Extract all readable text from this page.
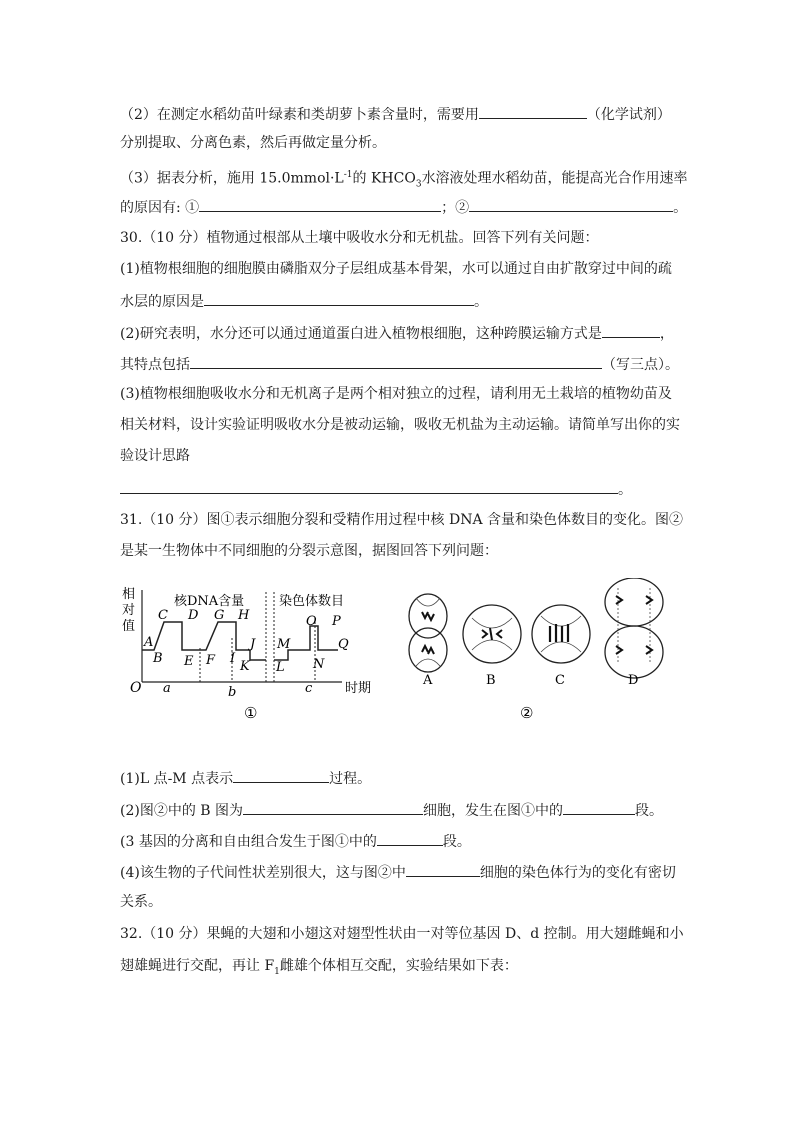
（2）在测定水稻幼苗叶绿素和类胡萝卜素含量时，需要用	（化学试剂）
分别提取、分离色素，然后再做定量分析。
（3）据表分析，施用 $15.0mmol\cdot L^{-1}$的 $KHCO_3$水溶液处理水稻幼苗，能提高光合作用速率
的原因有: ①	；②	。
30.（10 分）植物通过根部从土壤中吸收水分和无机盐。回答下列有关问题：
(1)植物根细胞的细胞膜由磷脂双分子层组成基本骨架，水可以通过自由扩散穿过中间的疏
水层的原因是	。
(2)研究表明，水分还可以通过通道蛋白进入植物根细胞，这种跨膜运输方式是	，
其特点包括	（写三点）。
(3)植物根细胞吸收水分和无机离子是两个相对独立的过程，请利用无土栽培的植物幼苗及
相关材料，设计实验证明吸收水分是被动运输，吸收无机盐为主动运输。请简单写出你的实
验设计思路
。
31.（10 分）图①表示细胞分裂和受精作用过程中核 DNA 含量和染色体数目的变化。图②
是某一生物体中不同细胞的分裂示意图，据图回答下列问题：
相
对
值
O	时期
核DNA含量	染色体数目
A
B
C D
E F
G H
I
J
K L
M
N
O P
Q
a	b	c
①
A	B	C	D
②
(1)L 点-M 点表示	过程。
(2)图②中的 B 图为	细胞，发生在图①中的	段。
(3 基因的分离和自由组合发生于图①中的	段。
(4)该生物的子代间性状差别很大，这与图②中	细胞的染色体行为的变化有密切
关系。
32.（10 分）果蝇的大翅和小翅这对翅型性状由一对等位基因 D、d 控制。用大翅雌蝇和小
翅雄蝇进行交配，再让 $F_1$雌雄个体相互交配，实验结果如下表：
